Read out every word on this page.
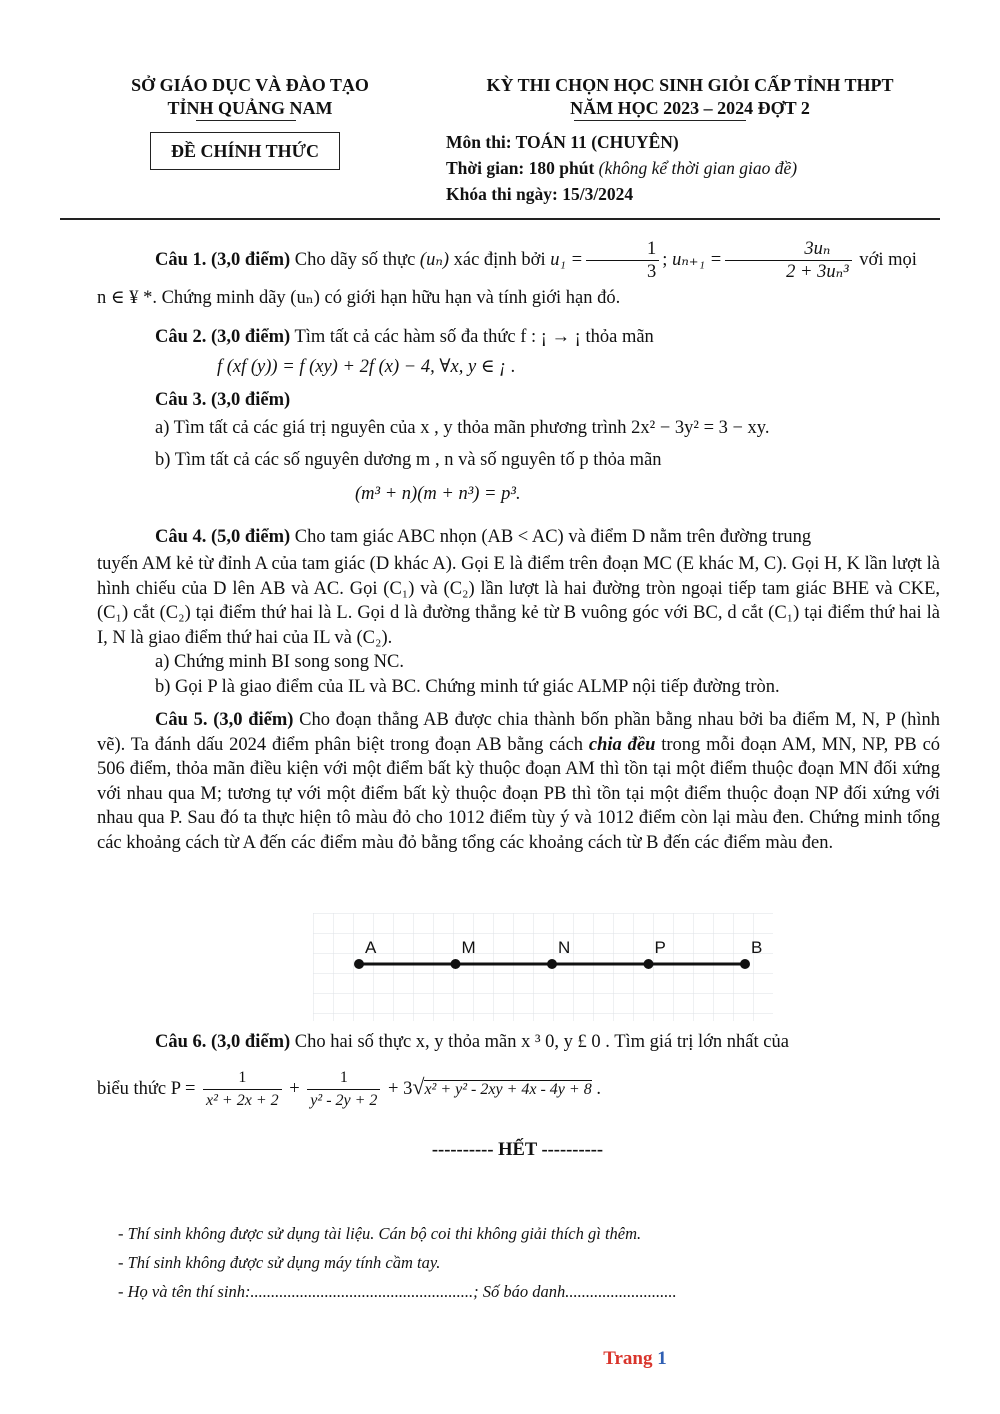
SỞ GIÁO DỤC VÀ ĐÀO TẠO
TỈNH QUẢNG NAM
KỲ THI CHỌN HỌC SINH GIỎI CẤP TỈNH THPT
NĂM HỌC 2023 – 2024 ĐỢT 2
ĐỀ CHÍNH THỨC	Môn thi: TOÁN 11 (CHUYÊN)
Thời gian: 180 phút (không kể thời gian giao đề)
Khóa thi ngày: 15/3/2024

Câu 1. (3,0 điểm) Cho dãy số thực (uₙ) xác định bởi $u_1 = \frac{1}{3}$ ; $u_{n+1} = \frac{\text{3uₙ}}{\text{2 + 3uₙ³}}$ với mọi

n ∈ ¥ *. Chứng minh dãy (uₙ) có giới hạn hữu hạn và tính giới hạn đó.

Câu 2. (3,0 điểm) Tìm tất cả các hàm số đa thức f : ¡ → ¡ thỏa mãn

f (xf (y)) = f (xy) + 2f (x) − 4, ∀x, y ∈ ¡ .

Câu 3. (3,0 điểm)

a) Tìm tất cả các giá trị nguyên của x , y thỏa mãn phương trình 2x² − 3y² = 3 − xy.

b) Tìm tất cả các số nguyên dương m , n và số nguyên tố p thỏa mãn

(m³ + n)(m + n³) = p³.

Câu 4. (5,0 điểm) Cho tam giác ABC nhọn (AB < AC) và điểm D nằm trên đường trung

tuyến AM kẻ từ đỉnh A của tam giác (D khác A). Gọi E là điểm trên đoạn MC (E khác M, C). Gọi H, K lần lượt là hình chiếu của D lên AB và AC. Gọi (C₁) và (C₂) lần lượt là hai đường tròn ngoại tiếp tam giác BHE và CKE, (C₁) cắt (C₂) tại điểm thứ hai là L. Gọi d là đường thẳng kẻ từ B vuông góc với BC, d cắt (C₁) tại điểm thứ hai là I, N là giao điểm thứ hai của IL và (C₂).

a) Chứng minh BI song song NC.

b) Gọi P là giao điểm của IL và BC. Chứng minh tứ giác ALMP nội tiếp đường tròn.

Câu 5. (3,0 điểm) Cho đoạn thẳng AB được chia thành bốn phần bằng nhau bởi ba điểm M, N, P (hình vẽ). Ta đánh dấu 2024 điểm phân biệt trong đoạn AB bằng cách chia đều trong mỗi đoạn AM, MN, NP, PB có 506 điểm, thỏa mãn điều kiện với một điểm bất kỳ thuộc đoạn AM thì tồn tại một điểm thuộc đoạn MN đối xứng với nhau qua M; tương tự với một điểm bất kỳ thuộc đoạn PB thì tồn tại một điểm thuộc đoạn NP đối xứng với nhau qua P. Sau đó ta thực hiện tô màu đỏ cho 1012 điểm tùy ý và 1012 điểm còn lại màu đen. Chứng minh tổng các khoảng cách từ A đến các điểm màu đỏ bằng tổng các khoảng cách từ B đến các điểm màu đen.

A	M	N	P	B

Câu 6. (3,0 điểm) Cho hai số thực x, y thỏa mãn x ³ 0, y £ 0 . Tìm giá trị lớn nhất của

biểu thức $P = \frac{1}{\text{x² + 2x + 2}} + \frac{1}{\text{y² - 2y + 2}} + 3√x^2 + y^2 - 2xy + 4x - 4y + 8$ .

---------- HẾT ----------

- Thí sinh không được sử dụng tài liệu. Cán bộ coi thi không giải thích gì thêm.

- Thí sinh không được sử dụng máy tính cầm tay.

- Họ và tên thí sinh:......................................................; Số báo danh...........................

Trang 1
